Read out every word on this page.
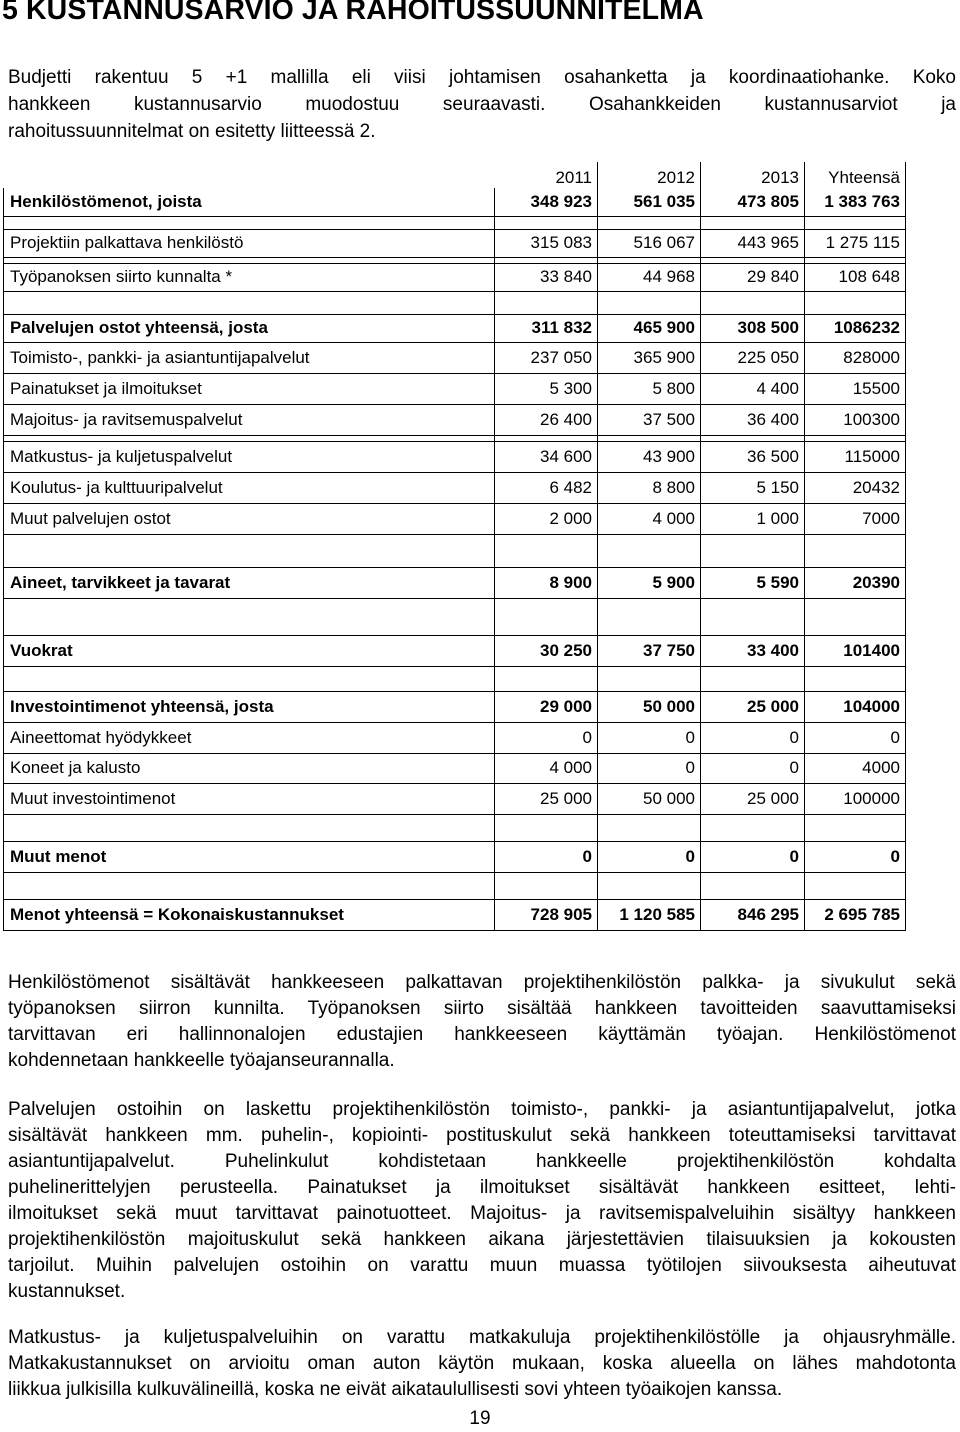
5 KUSTANNUSARVIO JA RAHOITUSSUUNNITELMA
Budjetti rakentuu 5 +1 mallilla eli viisi johtamisen osahanketta ja koordinaatiohanke. Koko
hankkeen kustannusarvio muodostuu seuraavasti. Osahankkeiden kustannusarviot ja
rahoitussuunnitelmat on esitetty liitteessä 2.
	2011	2012	2013	Yhteensä
Henkilöstömenot, joista	348 923	561 035	473 805	1 383 763

Projektiin palkattava henkilöstö	315 083	516 067	443 965	1 275 115

Työpanoksen siirto kunnalta *	33 840	44 968	29 840	108 648

Palvelujen ostot yhteensä, josta	311 832	465 900	308 500	1086232
Toimisto-, pankki- ja asiantuntijapalvelut	237 050	365 900	225 050	828000
Painatukset ja ilmoitukset	5 300	5 800	4 400	15500
Majoitus- ja ravitsemuspalvelut	26 400	37 500	36 400	100300

Matkustus- ja kuljetuspalvelut	34 600	43 900	36 500	115000
Koulutus- ja kulttuuripalvelut	6 482	8 800	5 150	20432
Muut palvelujen ostot	2 000	4 000	1 000	7000

Aineet, tarvikkeet ja tavarat	8 900	5 900	5 590	20390

Vuokrat	30 250	37 750	33 400	101400

Investointimenot yhteensä, josta	29 000	50 000	25 000	104000
Aineettomat hyödykkeet	0	0	0	0
Koneet ja kalusto	4 000	0	0	4000
Muut investointimenot	25 000	50 000	25 000	100000

Muut menot	0	0	0	0

Menot yhteensä = Kokonaiskustannukset	728 905	1 120 585	846 295	2 695 785
Henkilöstömenot sisältävät hankkeeseen palkattavan projektihenkilöstön palkka- ja sivukulut sekä
työpanoksen siirron kunnilta. Työpanoksen siirto sisältää hankkeen tavoitteiden saavuttamiseksi
tarvittavan eri hallinnonalojen edustajien hankkeeseen käyttämän työajan. Henkilöstömenot
kohdennetaan hankkeelle työajanseurannalla.
Palvelujen ostoihin on laskettu projektihenkilöstön toimisto-, pankki- ja asiantuntijapalvelut, jotka
sisältävät hankkeen mm. puhelin-, kopiointi- postituskulut sekä hankkeen toteuttamiseksi tarvittavat
asiantuntijapalvelut. Puhelinkulut kohdistetaan hankkeelle projektihenkilöstön kohdalta
puhelinerittelyjen perusteella. Painatukset ja ilmoitukset sisältävät hankkeen esitteet, lehti-
ilmoitukset sekä muut tarvittavat painotuotteet. Majoitus- ja ravitsemispalveluihin sisältyy hankkeen
projektihenkilöstön majoituskulut sekä hankkeen aikana järjestettävien tilaisuuksien ja kokousten
tarjoilut. Muihin palvelujen ostoihin on varattu muun muassa työtilojen siivouksesta aiheutuvat
kustannukset.
Matkustus- ja kuljetuspalveluihin on varattu matkakuluja projektihenkilöstölle ja ohjausryhmälle.
Matkakustannukset on arvioitu oman auton käytön mukaan, koska alueella on lähes mahdotonta
liikkua julkisilla kulkuvälineillä, koska ne eivät aikataulullisesti sovi yhteen työaikojen kanssa.
19
